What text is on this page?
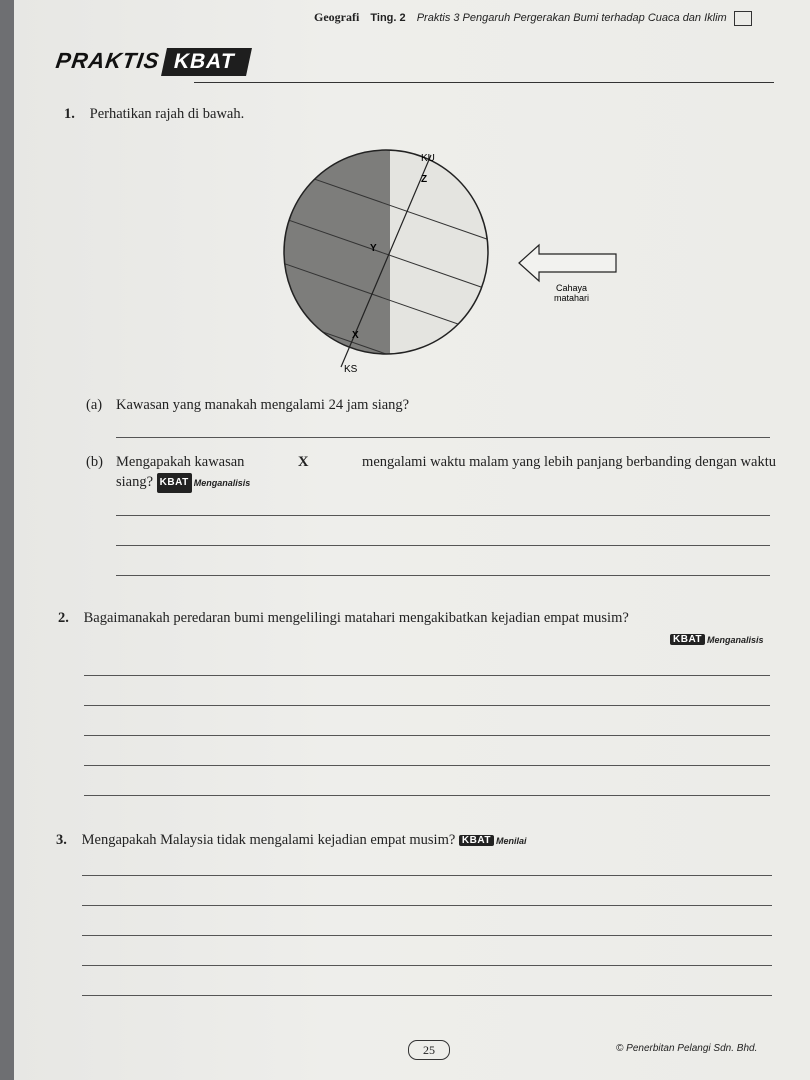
Geografi Ting. 2 Praktis 3 Pengaruh Pergerakan Bumi terhadap Cuaca dan Iklim
PRAKTIS KBAT
1. Perhatikan rajah di bawah.
KU
KS
Z
Y
X
Cahaya
matahari
(a) Kawasan yang manakah mengalami 24 jam siang?
(b) Mengapakah kawasan	X	mengalami waktu malam yang lebih panjang berbanding dengan waktu
siang? KBAT Menganalisis
2. Bagaimanakah peredaran bumi mengelilingi matahari mengakibatkan kejadian empat musim?
KBAT Menganalisis
3. Mengapakah Malaysia tidak mengalami kejadian empat musim? KBAT Menilai
25	© Penerbitan Pelangi Sdn. Bhd.
